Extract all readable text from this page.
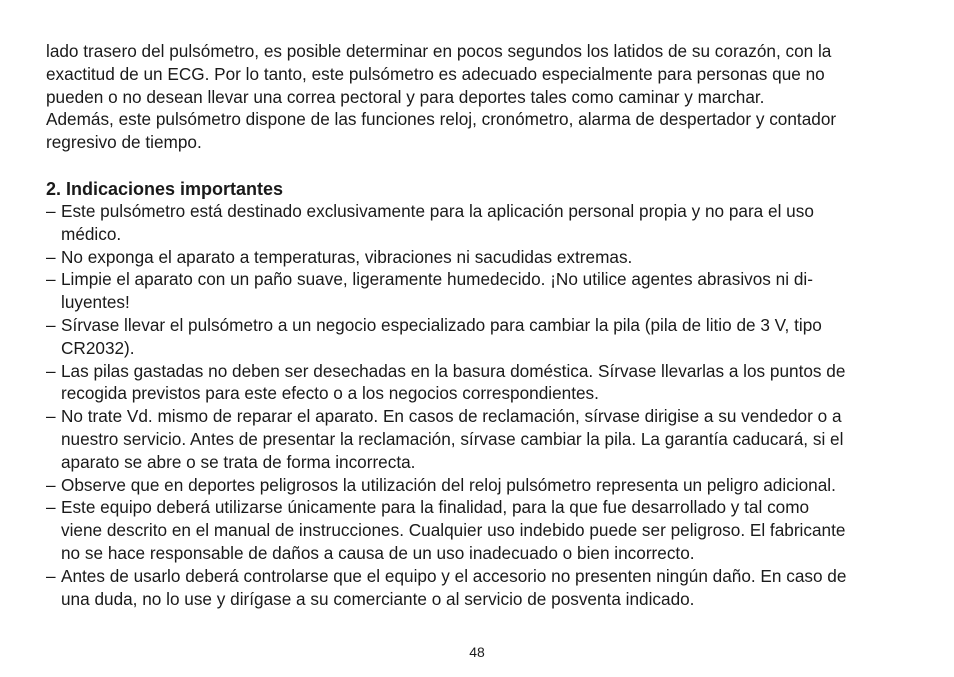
lado trasero del pulsómetro, es posible determinar en pocos segundos los latidos de su corazón, con la
exactitud de un ECG. Por lo tanto, este pulsómetro es adecuado especialmente para personas que no
pueden o no desean llevar una correa pectoral y para deportes tales como caminar y marchar.
Además, este pulsómetro dispone de las funciones reloj, cronómetro, alarma de despertador y contador
regresivo de tiempo.
2. Indicaciones importantes
– Este pulsómetro está destinado exclusivamente para la aplicación personal propia y no para el uso
médico.
– No exponga el aparato a temperaturas, vibraciones ni sacudidas extremas.
– Limpie el aparato con un paño suave, ligeramente humedecido. ¡No utilice agentes abrasivos ni di-
luyentes!
– Sírvase llevar el pulsómetro a un negocio especializado para cambiar la pila (pila de litio de 3 V, tipo
CR2032).
– Las pilas gastadas no deben ser desechadas en la basura doméstica. Sírvase llevarlas a los puntos de
recogida previstos para este efecto o a los negocios correspondientes.
– No trate Vd. mismo de reparar el aparato. En casos de reclamación, sírvase dirigise a su vendedor o a
nuestro servicio. Antes de presentar la reclamación, sírvase cambiar la pila. La garantía caducará, si el
aparato se abre o se trata de forma incorrecta.
– Observe que en deportes peligrosos la utilización del reloj pulsómetro representa un peligro adicional.
– Este equipo deberá utilizarse únicamente para la finalidad, para la que fue desarrollado y tal como
viene descrito en el manual de instrucciones. Cualquier uso indebido puede ser peligroso. El fabricante
no se hace responsable de daños a causa de un uso inadecuado o bien incorrecto.
– Antes de usarlo deberá controlarse que el equipo y el accesorio no presenten ningún daño. En caso de
una duda, no lo use y dirígase a su comerciante o al servicio de posventa indicado.
48
